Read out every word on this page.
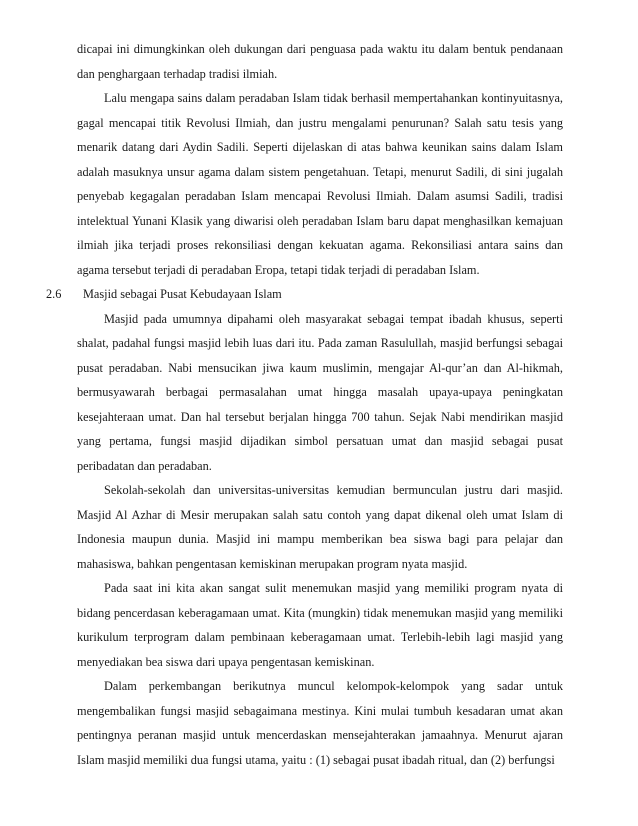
dicapai ini dimungkinkan oleh dukungan dari penguasa pada waktu itu dalam bentuk pendanaan dan penghargaan terhadap tradisi ilmiah.

Lalu mengapa sains dalam peradaban Islam tidak berhasil mempertahankan kontinyuitasnya, gagal mencapai titik Revolusi Ilmiah, dan justru mengalami penurunan? Salah satu tesis yang menarik datang dari Aydin Sadili. Seperti dijelaskan di atas bahwa keunikan sains dalam Islam adalah masuknya unsur agama dalam sistem pengetahuan. Tetapi, menurut Sadili, di sini jugalah penyebab kegagalan peradaban Islam mencapai Revolusi Ilmiah. Dalam asumsi Sadili, tradisi intelektual Yunani Klasik yang diwarisi oleh peradaban Islam baru dapat menghasilkan kemajuan ilmiah jika terjadi proses rekonsiliasi dengan kekuatan agama. Rekonsiliasi antara sains dan agama tersebut terjadi di peradaban Eropa, tetapi tidak terjadi di peradaban Islam.

2.6 Masjid sebagai Pusat Kebudayaan Islam

Masjid pada umumnya dipahami oleh masyarakat sebagai tempat ibadah khusus, seperti shalat, padahal fungsi masjid lebih luas dari itu. Pada zaman Rasulullah, masjid berfungsi sebagai pusat peradaban. Nabi mensucikan jiwa kaum muslimin, mengajar Al-qur’an dan Al-hikmah, bermusyawarah berbagai permasalahan umat hingga masalah upaya-upaya peningkatan kesejahteraan umat. Dan hal tersebut berjalan hingga 700 tahun. Sejak Nabi mendirikan masjid yang pertama, fungsi masjid dijadikan simbol persatuan umat dan masjid sebagai pusat peribadatan dan peradaban.

Sekolah-sekolah dan universitas-universitas kemudian bermunculan justru dari masjid. Masjid Al Azhar di Mesir merupakan salah satu contoh yang dapat dikenal oleh umat Islam di Indonesia maupun dunia. Masjid ini mampu memberikan bea siswa bagi para pelajar dan mahasiswa, bahkan pengentasan kemiskinan merupakan program nyata masjid.

Pada saat ini kita akan sangat sulit menemukan masjid yang memiliki program nyata di bidang pencerdasan keberagamaan umat. Kita (mungkin) tidak menemukan masjid yang memiliki kurikulum terprogram dalam pembinaan keberagamaan umat. Terlebih-lebih lagi masjid yang menyediakan bea siswa dari upaya pengentasan kemiskinan.

Dalam perkembangan berikutnya muncul kelompok-kelompok yang sadar untuk mengembalikan fungsi masjid sebagaimana mestinya. Kini mulai tumbuh kesadaran umat akan pentingnya peranan masjid untuk mencerdaskan mensejahterakan jamaahnya. Menurut ajaran Islam masjid memiliki dua fungsi utama, yaitu : (1) sebagai pusat ibadah ritual, dan (2) berfungsi
